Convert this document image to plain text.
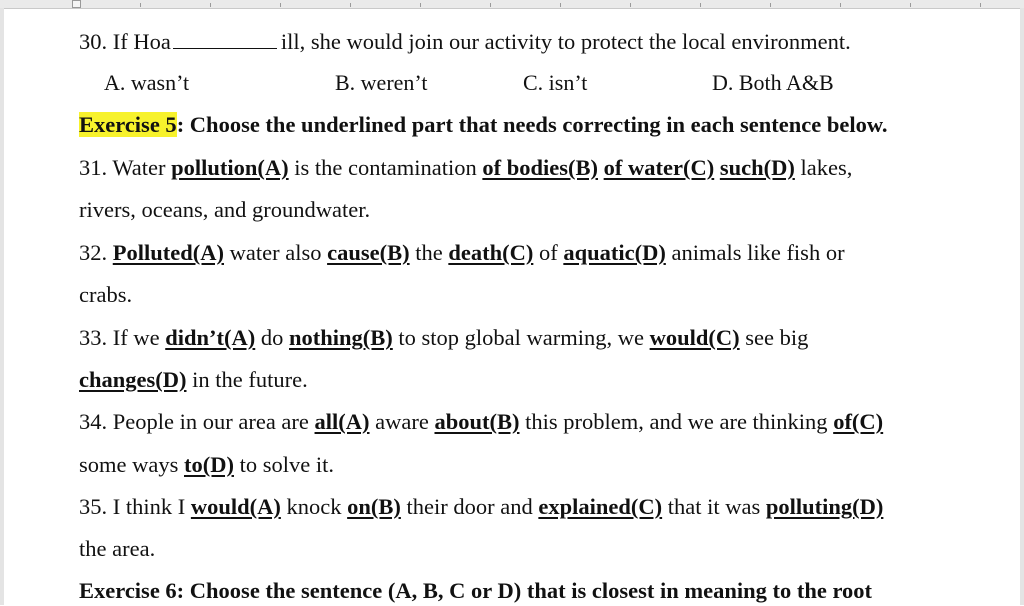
30. If Hoa	ill, she would join our activity to protect the local environment.
A. wasn’t	B. weren’t	C. isn’t	D. Both A&B
Exercise 5: Choose the underlined part that needs correcting in each sentence below.
31. Water pollution(A) is the contamination of bodies(B) of water(C) such(D) lakes,
rivers, oceans, and groundwater.
32. Polluted(A) water also cause(B) the death(C) of aquatic(D) animals like fish or
crabs.
33. If we didn’t(A) do nothing(B) to stop global warming, we would(C) see big
changes(D) in the future.
34. People in our area are all(A) aware about(B) this problem, and we are thinking of(C)
some ways to(D) to solve it.
35. I think I would(A) knock on(B) their door and explained(C) that it was polluting(D)
the area.
Exercise 6: Choose the sentence (A, B, C or D) that is closest in meaning to the root
